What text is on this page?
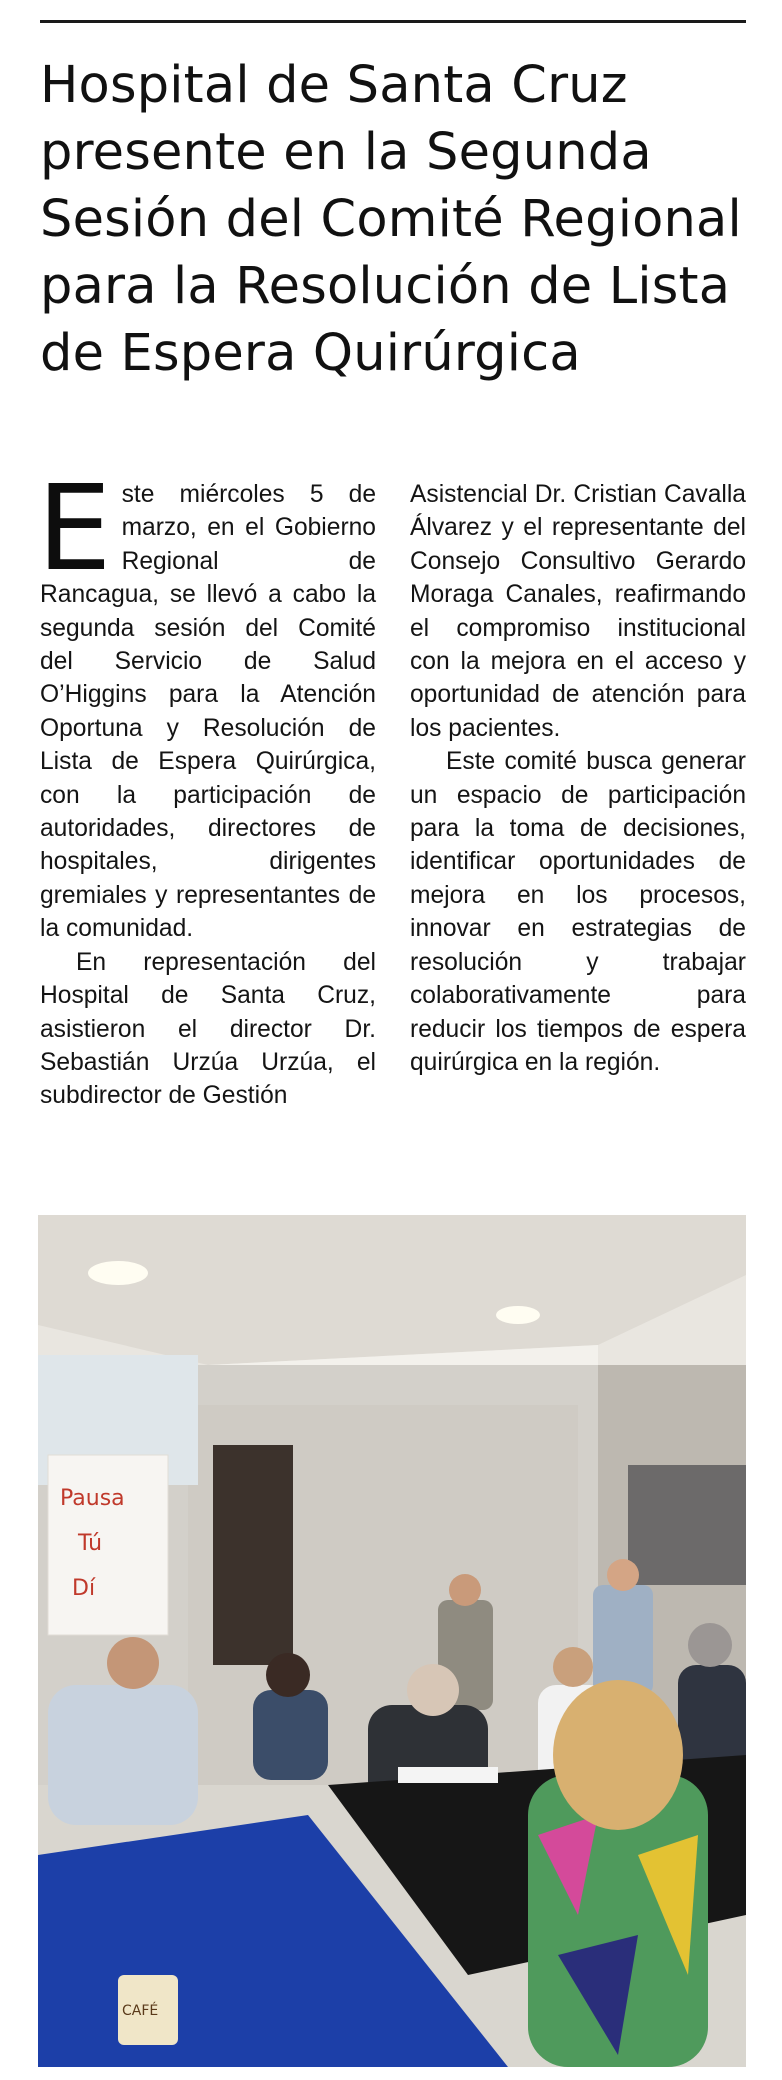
Hospital de Santa Cruz presente en la Segunda Sesión del Comité Regional para la Resolución de Lista de Espera Quirúrgica

Este miércoles 5 de marzo, en el Gobierno Regional de Rancagua, se llevó a cabo la segunda sesión del Comité del Servicio de Salud O’Higgins para la Atención Oportuna y Resolución de Lista de Espera Quirúrgica, con la participación de autoridades, directores de hospitales, dirigentes gremiales y representantes de la comunidad.

En representación del Hospital de Santa Cruz, asistieron el director Dr. Sebastián Urzúa Urzúa, el subdirector de Gestión

Asistencial Dr. Cristian Cavalla Álvarez y el representante del Consejo Consultivo Gerardo Moraga Canales, reafirmando el compromiso institucional con la mejora en el acceso y oportunidad de atención para los pacientes.

Este comité busca generar un espacio de participación para la toma de decisiones, identificar oportunidades de mejora en los procesos, innovar en estrategias de resolución y trabajar colaborativamente para reducir los tiempos de espera quirúrgica en la región.

Pausa
Tú
Dí
CAFÉ
